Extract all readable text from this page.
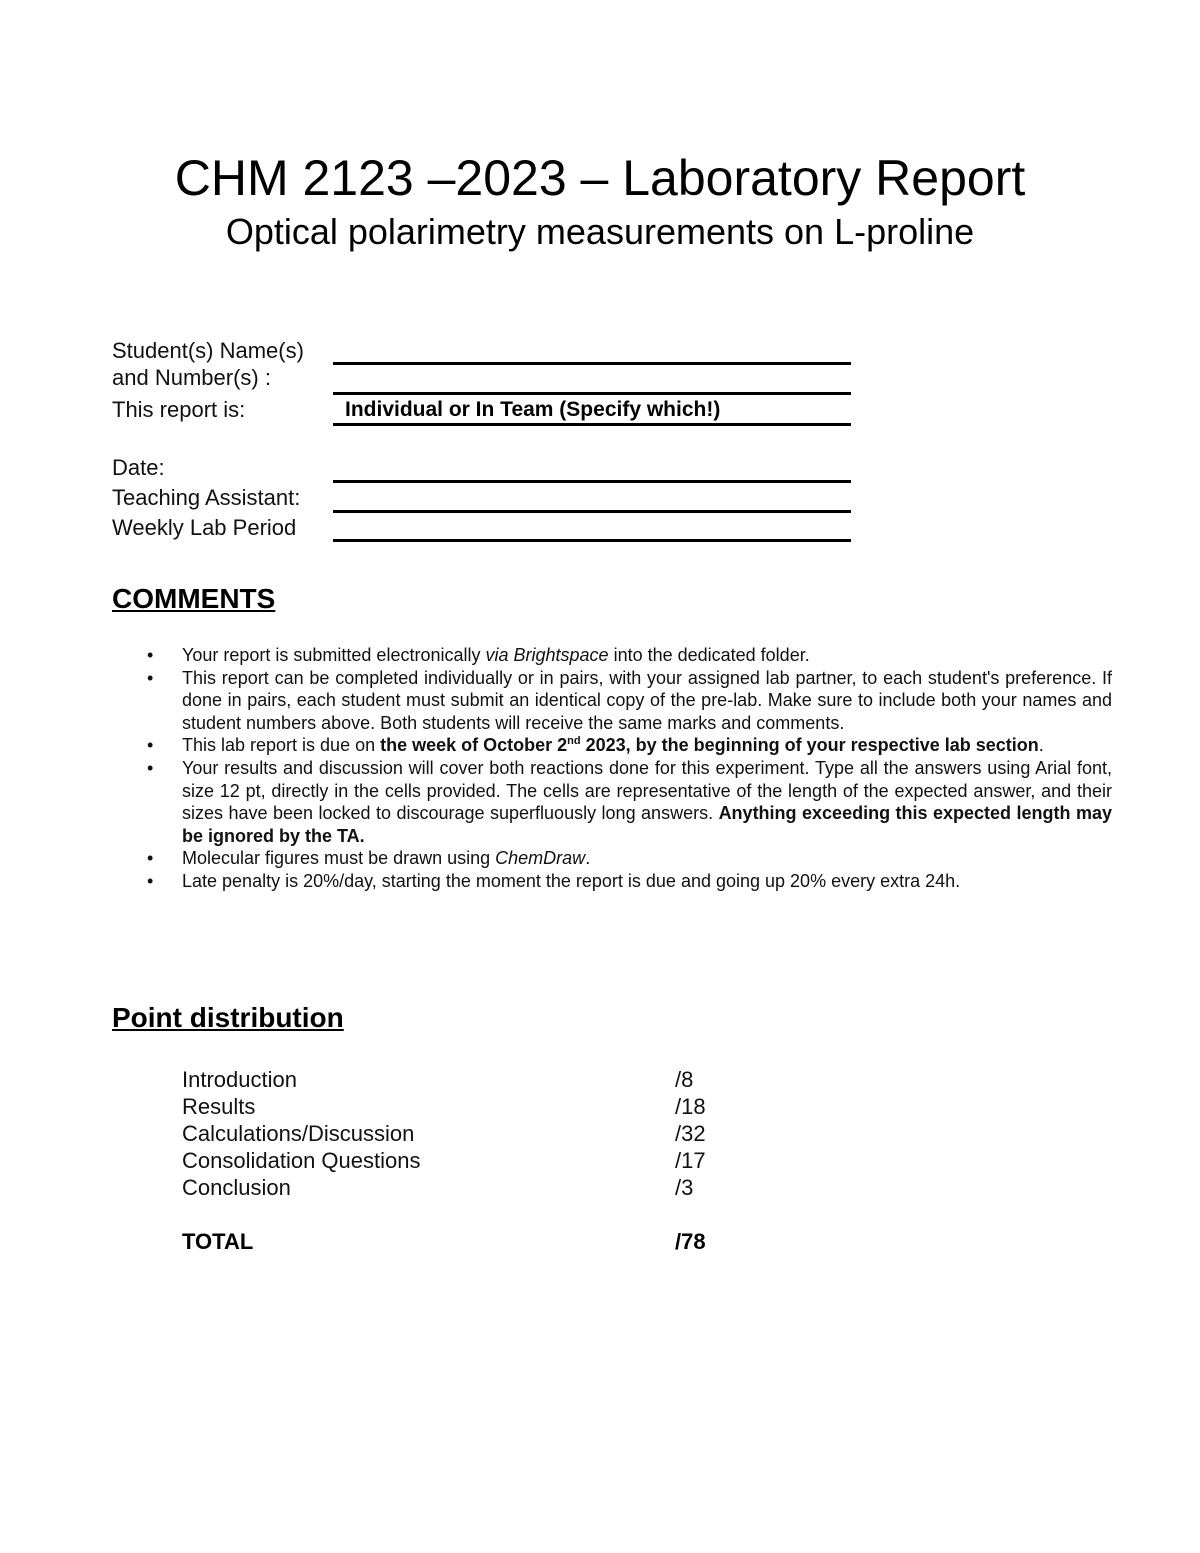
CHM 2123 –2023 – Laboratory Report
Optical polarimetry measurements on L-proline
Student(s) Name(s)
and Number(s) :
This report is:	Individual or In Team (Specify which!)
Date:
Teaching Assistant:
Weekly Lab Period
COMMENTS
• Your report is submitted electronically via Brightspace into the dedicated folder.
• This report can be completed individually or in pairs, with your assigned lab partner, to each student's preference. If done in pairs, each student must submit an identical copy of the pre-lab. Make sure to include both your names and student numbers above. Both students will receive the same marks and comments.
• This lab report is due on the week of October 2nd 2023, by the beginning of your respective lab section.
• Your results and discussion will cover both reactions done for this experiment. Type all the answers using Arial font, size 12 pt, directly in the cells provided. The cells are representative of the length of the expected answer, and their sizes have been locked to discourage superfluously long answers. Anything exceeding this expected length may be ignored by the TA.
• Molecular figures must be drawn using ChemDraw.
• Late penalty is 20%/day, starting the moment the report is due and going up 20% every extra 24h.
Point distribution
Introduction	/8
Results	/18
Calculations/Discussion	/32
Consolidation Questions	/17
Conclusion	/3
TOTAL	/78
